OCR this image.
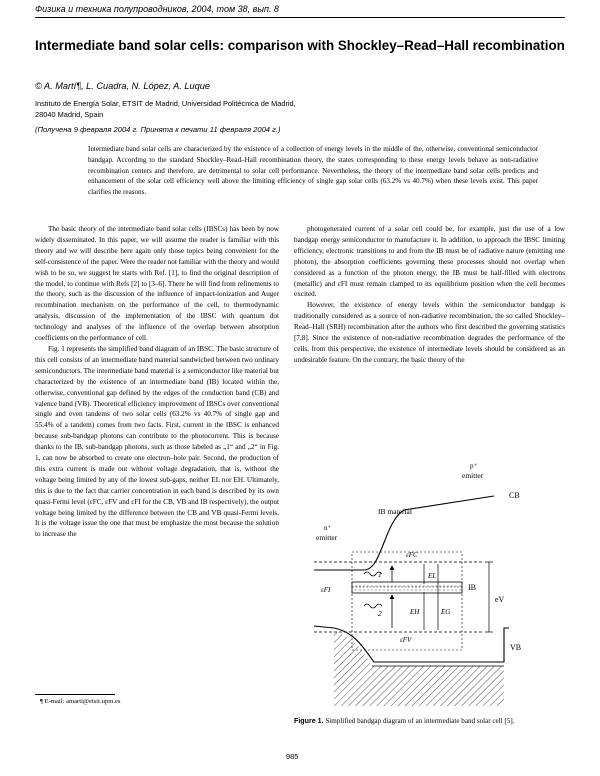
Физика и техника полупроводников, 2004, том 38, вып. 8
Intermediate band solar cells: comparison with Shockley–Read–Hall recombination
© A. Martí¶, L. Cuadra, N. López, A. Luque
Instituto de Energía Solar, ETSIT de Madrid, Universidad Politécnica de Madrid,
28040 Madrid, Spain
(Получена 9 февраля 2004 г. Принята к печати 11 февраля 2004 г.)
Intermediate band solar cells are characterized by the existence of a collection of energy levels in the middle of the, otherwise, conventional semiconductor bandgap. According to the standard Shockley–Read–Hall recombination theory, the states corresponding to these energy levels behave as non-radiative recombination centers and therefore, are detrimental to solar cell performance. Nevertheless, the theory of the intermediate band solar cells predicts and enhancement of the solar cell efficiency well above the limiting efficiency of single gap solar cells (63.2% vs 40.7%) when these levels exist. This paper clarifies the reasons.

The basic theory of the intermediate band solar cells (IBSCs) has been by now widely disseminated. In this paper, we will assume the reader is familiar with this theory and we will describe here again only those topics being convenient for the self-consistence of the paper. Were the reader not familiar with the theory and would wish to be so, we suggest he starts with Ref. [1], to find the original description of the model, to continue with Refs [2] to [3–6]. There he will find from refinements to the theory, such as the discussion of the influence of impact-ionization and Auger recombination mechanism on the performance of the cell, to thermodynamic analysis, discussion of the implementation of the IBSC with quantum dot technology and analyses of the influence of the overlap between absorption coefficients on the performance of cell.

Fig. 1 represents the simplified band diagram of an IBSC. The basic structure of this cell consists of an intermediate band material sandwiched between two ordinary semiconductors. The intermediate band material is a semiconductor like material but characterized by the existence of an intermediate band (IB) located within the, otherwise, conventional gap defined by the edges of the conduction band (CB) and valence band (VB). Theoretical efficiency improvement of IBSCs over conventional single and even tandems of two solar cells (63.2% vs 40.7% of single gap and 55.4% of a tandem) comes from two facts. First, current in the IBSC is enhanced because sub-bandgap photons can contribute to the photocurrent. This is because thanks to the IB, sub-bandgap photons, such as those labeled as „1“ and „2“ in Fig. 1, can now be absorbed to create one electron–hole pair. Second, the production of this extra current is made out without voltage degradation, that is, without the voltage being limited by any of the lowest sub-gaps, neither EL nor EH. Ultimately, this is due to the fact that carrier concentration in each band is described by its own quasi-Fermi level (εFC, εFV and εFI for the CB, VB and IB respectively), the output voltage being limited by the difference between the CB and VB quasi-Fermi levels. It is the voltage issue the one that must be emphasize the most because the solution to increase the

photogenerated current of a solar cell could be, for example, just the use of a low bandgap energy semiconductor to manufacture it. In addition, to approach the IBSC limiting efficiency, electronic transitions to and from the IB must be of radiative nature (emitting one photon), the absorption coefficients governing these processes should not overlap when considered as a function of the photon energy, the IB must be half-filled with electrons (metallic) and εFI must remain clamped to its equilibrium position when the cell becomes excited.

However, the existence of energy levels within the semiconductor bandgap is traditionally considered as a source of non-radiative recombination, the so called Shockley–Read–Hall (SRH) recombination after the authors who first described the governing statistics [7,8]. Since the existence of non-radiative recombination degrades the performance of the cells, from this perspective, the existence of intermediate levels should be considered as an undesirable feature. On the contrary, the basic theory of the

p⁺
emitter
CB
IB material
n⁺
emitter
εFC
εFI
εFV
EL
IB
eV
EH	EG
VB
1
2
Figure 1. Simplified bandgap diagram of an intermediate band solar cell [5].
¶ E-mail: amarti@etsit.upm.es
985
